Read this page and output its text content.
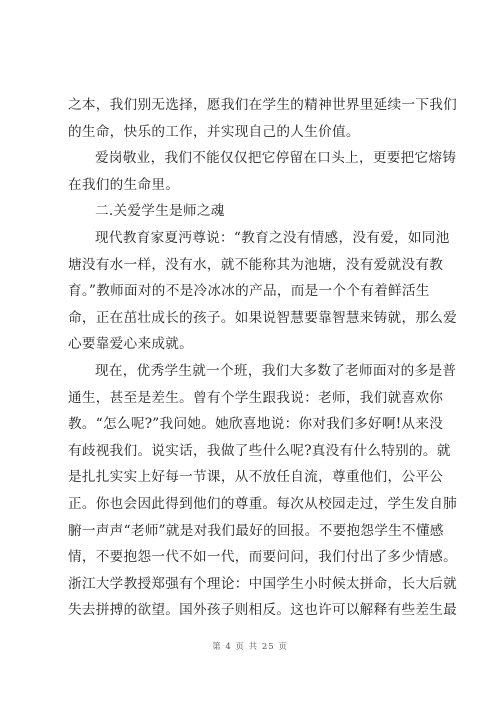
之本，我们别无选择，愿我们在学生的精神世界里延续一下我们
的生命，快乐的工作，并实现自己的人生价值。
爱岗敬业，我们不能仅仅把它停留在口头上，更要把它熔铸
在我们的生命里。
二.关爱学生是师之魂
现代教育家夏沔尊说：“教育之没有情感，没有爱，如同池
塘没有水一样，没有水，就不能称其为池塘，没有爱就没有教
育。”教师面对的不是冷冰冰的产品，而是一个个有着鲜活生
命，正在茁壮成长的孩子。如果说智慧要靠智慧来铸就，那么爱
心要靠爱心来成就。
现在，优秀学生就一个班，我们大多数了老师面对的多是普
通生，甚至是差生。曾有个学生跟我说：老师，我们就喜欢你
教。“怎么呢?”我问她。她欣喜地说：你对我们多好啊!从来没
有歧视我们。说实话，我做了些什么呢?真没有什么特别的。就
是扎扎实实上好每一节课，从不放任自流，尊重他们，公平公
正。你也会因此得到他们的尊重。每次从校园走过，学生发自肺
腑一声声“老师”就是对我们最好的回报。不要抱怨学生不懂感
情，不要抱怨一代不如一代，而要问问，我们付出了多少情感。
浙江大学教授郑强有个理论：中国学生小时候太拼命，长大后就
失去拼搏的欲望。国外孩子则相反。这也许可以解释有些差生最
第 4 页 共 25 页
